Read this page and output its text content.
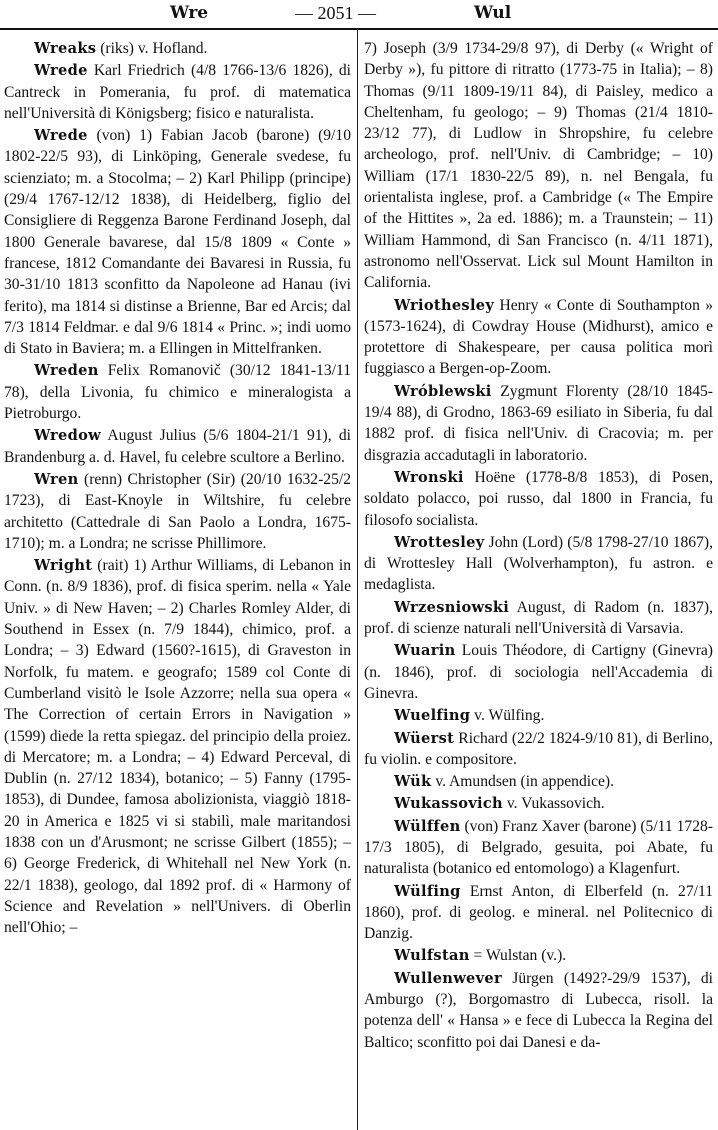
Wre	— 2051 —	Wul

Wreaks (riks) v. Hofland.

Wrede Karl Friedrich (4/8 1766-13/6 1826), di Cantreck in Pomerania, fu prof. di matematica nell'Università di Königsberg; fisico e naturalista.

Wrede (von) 1) Fabian Jacob (barone) (9/10 1802-22/5 93), di Linköping, Generale svedese, fu scienziato; m. a Stocolma; – 2) Karl Philipp (principe) (29/4 1767-12/12 1838), di Heidelberg, figlio del Consigliere di Reggenza Barone Ferdinand Joseph, dal 1800 Generale bavarese, dal 15/8 1809 « Conte » francese, 1812 Comandante dei Bavaresi in Russia, fu 30-31/10 1813 sconfitto da Napoleone ad Hanau (ivi ferito), ma 1814 si distinse a Brienne, Bar ed Arcis; dal 7/3 1814 Feldmar. e dal 9/6 1814 « Princ. »; indi uomo di Stato in Baviera; m. a Ellingen in Mittelfranken.

Wreden Felix Romanovič (30/12 1841-13/11 78), della Livonia, fu chimico e mineralogista a Pietroburgo.

Wredow August Julius (5/6 1804-21/1 91), di Brandenburg a. d. Havel, fu celebre scultore a Berlino.

Wren (renn) Christopher (Sir) (20/10 1632-25/2 1723), di East-Knoyle in Wiltshire, fu celebre architetto (Cattedrale di San Paolo a Londra, 1675-1710); m. a Londra; ne scrisse Phillimore.

Wright (rait) 1) Arthur Williams, di Lebanon in Conn. (n. 8/9 1836), prof. di fisica sperim. nella « Yale Univ. » di New Haven; – 2) Charles Romley Alder, di Southend in Essex (n. 7/9 1844), chimico, prof. a Londra; – 3) Edward (1560?-1615), di Graveston in Norfolk, fu matem. e geografo; 1589 col Conte di Cumberland visitò le Isole Azzorre; nella sua opera « The Correction of certain Errors in Navigation » (1599) diede la retta spiegaz. del principio della proiez. di Mercatore; m. a Londra; – 4) Edward Perceval, di Dublin (n. 27/12 1834), botanico; – 5) Fanny (1795-1853), di Dundee, famosa abolizionista, viaggiò 1818-20 in America e 1825 vi si stabilì, male maritandosi 1838 con un d'Arusmont; ne scrisse Gilbert (1855); – 6) George Frederick, di Whitehall nel New York (n. 22/1 1838), geologo, dal 1892 prof. di « Harmony of Science and Revelation » nell'Univers. di Oberlin nell'Ohio; –

7) Joseph (3/9 1734-29/8 97), di Derby (« Wright of Derby »), fu pittore di ritratto (1773-75 in Italia); – 8) Thomas (9/11 1809-19/11 84), di Paisley, medico a Cheltenham, fu geologo; – 9) Thomas (21/4 1810-23/12 77), di Ludlow in Shropshire, fu celebre archeologo, prof. nell'Univ. di Cambridge; – 10) William (17/1 1830-22/5 89), n. nel Bengala, fu orientalista inglese, prof. a Cambridge (« The Empire of the Hittites », 2a ed. 1886); m. a Traunstein; – 11) William Hammond, di San Francisco (n. 4/11 1871), astronomo nell'Osservat. Lick sul Mount Hamilton in California.

Wriothesley Henry « Conte di Southampton » (1573-1624), di Cowdray House (Midhurst), amico e protettore di Shakespeare, per causa politica morì fuggiasco a Bergen-op-Zoom.

Wróblewski Zygmunt Florenty (28/10 1845-19/4 88), di Grodno, 1863-69 esiliato in Siberia, fu dal 1882 prof. di fisica nell'Univ. di Cracovia; m. per disgrazia accadutagli in laboratorio.

Wronski Hoëne (1778-8/8 1853), di Posen, soldato polacco, poi russo, dal 1800 in Francia, fu filosofo socialista.

Wrottesley John (Lord) (5/8 1798-27/10 1867), di Wrottesley Hall (Wolverhampton), fu astron. e medaglista.

Wrzesniowski August, di Radom (n. 1837), prof. di scienze naturali nell'Università di Varsavia.

Wuarin Louis Théodore, di Cartigny (Ginevra) (n. 1846), prof. di sociologia nell'Accademia di Ginevra.

Wuelfing v. Wülfing.

Wüerst Richard (22/2 1824-9/10 81), di Berlino, fu violin. e compositore.

Wük v. Amundsen (in appendice).

Wukassovich v. Vukassovich.

Wülffen (von) Franz Xaver (barone) (5/11 1728-17/3 1805), di Belgrado, gesuita, poi Abate, fu naturalista (botanico ed entomologo) a Klagenfurt.

Wülfing Ernst Anton, di Elberfeld (n. 27/11 1860), prof. di geolog. e mineral. nel Politecnico di Danzig.

Wulfstan = Wulstan (v.).

Wullenwever Jürgen (1492?-29/9 1537), di Amburgo (?), Borgomastro di Lubecca, risoll. la potenza dell' « Hansa » e fece di Lubecca la Regina del Baltico; sconfitto poi dai Danesi e da-
